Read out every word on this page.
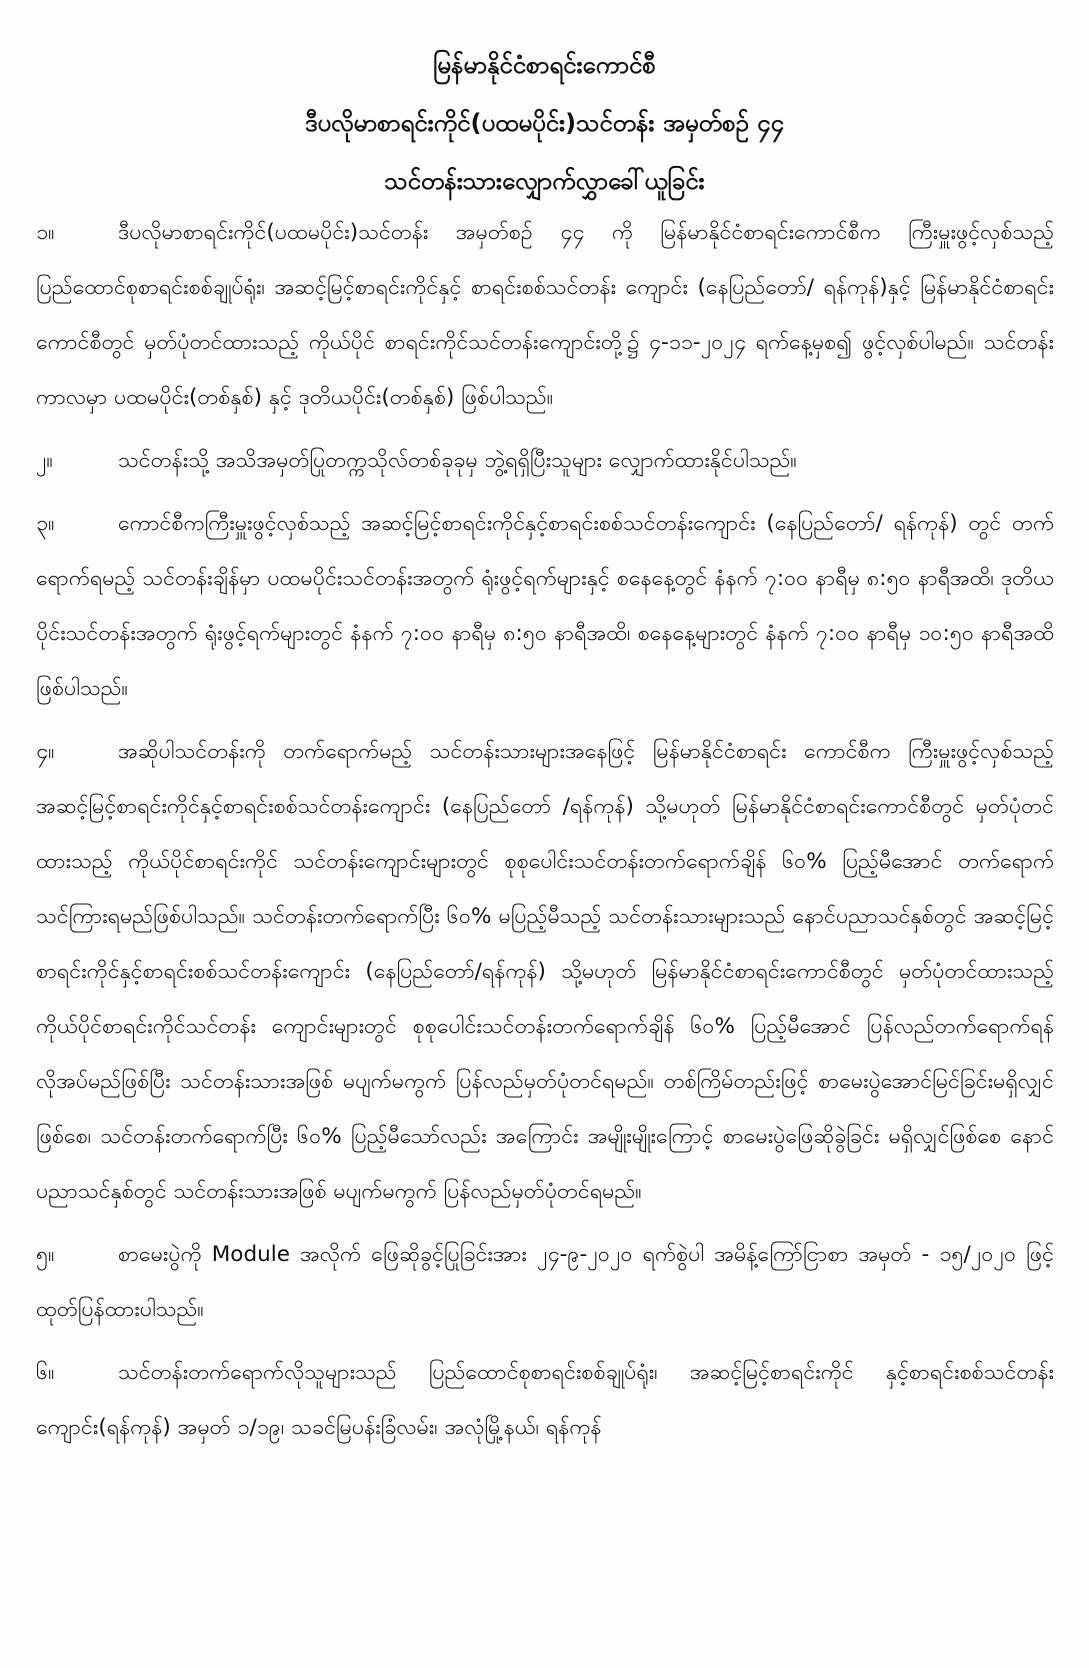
မြန်မာနိုင်ငံစာရင်းကောင်စီ
ဒီပလိုမာစာရင်းကိုင်(ပထမပိုင်း)သင်တန်း အမှတ်စဉ် ၄၄
သင်တန်းသားလျှောက်လွှာခေါ်ယူခြင်း

၁။	ဒီပလိုမာစာရင်းကိုင်(ပထမပိုင်း)သင်တန်း အမှတ်စဉ် ၄၄ ကို မြန်မာနိုင်ငံစာရင်းကောင်စီက ကြီးမှူးဖွင့်လှစ်သည့် ပြည်ထောင်စုစာရင်းစစ်ချုပ်ရုံး၊ အဆင့်မြင့်စာရင်းကိုင်နှင့် စာရင်းစစ်သင်တန်း ကျောင်း (နေပြည်တော်/ ရန်ကုန်)နှင့် မြန်မာနိုင်ငံစာရင်းကောင်စီတွင် မှတ်ပုံတင်ထားသည့် ကိုယ်ပိုင် စာရင်းကိုင်သင်တန်းကျောင်းတို့၌ ၄-၁၁-၂၀၂၄ ရက်နေ့မှစ၍ ဖွင့်လှစ်ပါမည်။ သင်တန်းကာလမှာ ပထမပိုင်း(တစ်နှစ်) နှင့် ဒုတိယပိုင်း(တစ်နှစ်) ဖြစ်ပါသည်။

၂။	သင်တန်းသို့ အသိအမှတ်ပြုတက္ကသိုလ်တစ်ခုခုမှ ဘွဲ့ရရှိပြီးသူများ လျှောက်ထားနိုင်ပါသည်။

၃။	ကောင်စီကကြီးမှူးဖွင့်လှစ်သည့် အဆင့်မြင့်စာရင်းကိုင်နှင့်စာရင်းစစ်သင်တန်းကျောင်း (နေပြည်တော်/ ရန်ကုန်) တွင် တက်ရောက်ရမည့် သင်တန်းချိန်မှာ ပထမပိုင်းသင်တန်းအတွက် ရုံးဖွင့်ရက်များနှင့် စနေနေ့တွင် နံနက် ၇:၀၀ နာရီမှ ၈:၅၀ နာရီအထိ၊ ဒုတိယပိုင်းသင်တန်းအတွက် ရုံးဖွင့်ရက်များတွင် နံနက် ၇:၀၀ နာရီမှ ၈:၅၀ နာရီအထိ၊ စနေနေ့များတွင် နံနက် ၇:၀၀ နာရီမှ ၁၀:၅၀ နာရီအထိဖြစ်ပါသည်။

၄။	အဆိုပါသင်တန်းကို တက်ရောက်မည့် သင်တန်းသားများအနေဖြင့် မြန်မာနိုင်ငံစာရင်း ကောင်စီက ကြီးမှူးဖွင့်လှစ်သည့် အဆင့်မြင့်စာရင်းကိုင်နှင့်စာရင်းစစ်သင်တန်းကျောင်း (နေပြည်တော် /ရန်ကုန်) သို့မဟုတ် မြန်မာနိုင်ငံစာရင်းကောင်စီတွင် မှတ်ပုံတင်ထားသည့် ကိုယ်ပိုင်စာရင်းကိုင် သင်တန်းကျောင်းများတွင် စုစုပေါင်းသင်တန်းတက်ရောက်ချိန် ၆၀% ပြည့်မီအောင် တက်ရောက် သင်ကြားရမည်ဖြစ်ပါသည်။ သင်တန်းတက်ရောက်ပြီး ၆၀% မပြည့်မီသည့် သင်တန်းသားများသည် နောင်ပညာသင်နှစ်တွင် အဆင့်မြင့်စာရင်းကိုင်နှင့်စာရင်းစစ်သင်တန်းကျောင်း (နေပြည်တော်/ရန်ကုန်) သို့မဟုတ် မြန်မာနိုင်ငံစာရင်းကောင်စီတွင် မှတ်ပုံတင်ထားသည့် ကိုယ်ပိုင်စာရင်းကိုင်သင်တန်း ကျောင်းများတွင် စုစုပေါင်းသင်တန်းတက်ရောက်ချိန် ၆၀% ပြည့်မီအောင် ပြန်လည်တက်ရောက်ရန် လိုအပ်မည်ဖြစ်ပြီး သင်တန်းသားအဖြစ် မပျက်မကွက် ပြန်လည်မှတ်ပုံတင်ရမည်။ တစ်ကြိမ်တည်းဖြင့် စာမေးပွဲအောင်မြင်ခြင်းမရှိလျှင်ဖြစ်စေ၊ သင်တန်းတက်ရောက်ပြီး ၆၀% ပြည့်မီသော်လည်း အကြောင်း အမျိုးမျိုးကြောင့် စာမေးပွဲဖြေဆိုခွဲခြင်း မရှိလျှင်ဖြစ်စေ နောင်ပညာသင်နှစ်တွင် သင်တန်းသားအဖြစ် မပျက်မကွက် ပြန်လည်မှတ်ပုံတင်ရမည်။

၅။	စာမေးပွဲကို Module အလိုက် ဖြေဆိုခွင့်ပြုခြင်းအား ၂၄-၉-၂၀၂၀ ရက်စွဲပါ အမိန့်ကြော်ငြာစာ အမှတ် - ၁၅/၂၀၂၀ ဖြင့် ထုတ်ပြန်ထားပါသည်။

၆။	သင်တန်းတက်ရောက်လိုသူများသည် ပြည်ထောင်စုစာရင်းစစ်ချုပ်ရုံး၊ အဆင့်မြင့်စာရင်းကိုင် နှင့်စာရင်းစစ်သင်တန်းကျောင်း(ရန်ကုန်) အမှတ် ၁/၁၉၊ သခင်မြပန်းခြံလမ်း၊ အလုံမြို့နယ်၊ ရန်ကုန်
